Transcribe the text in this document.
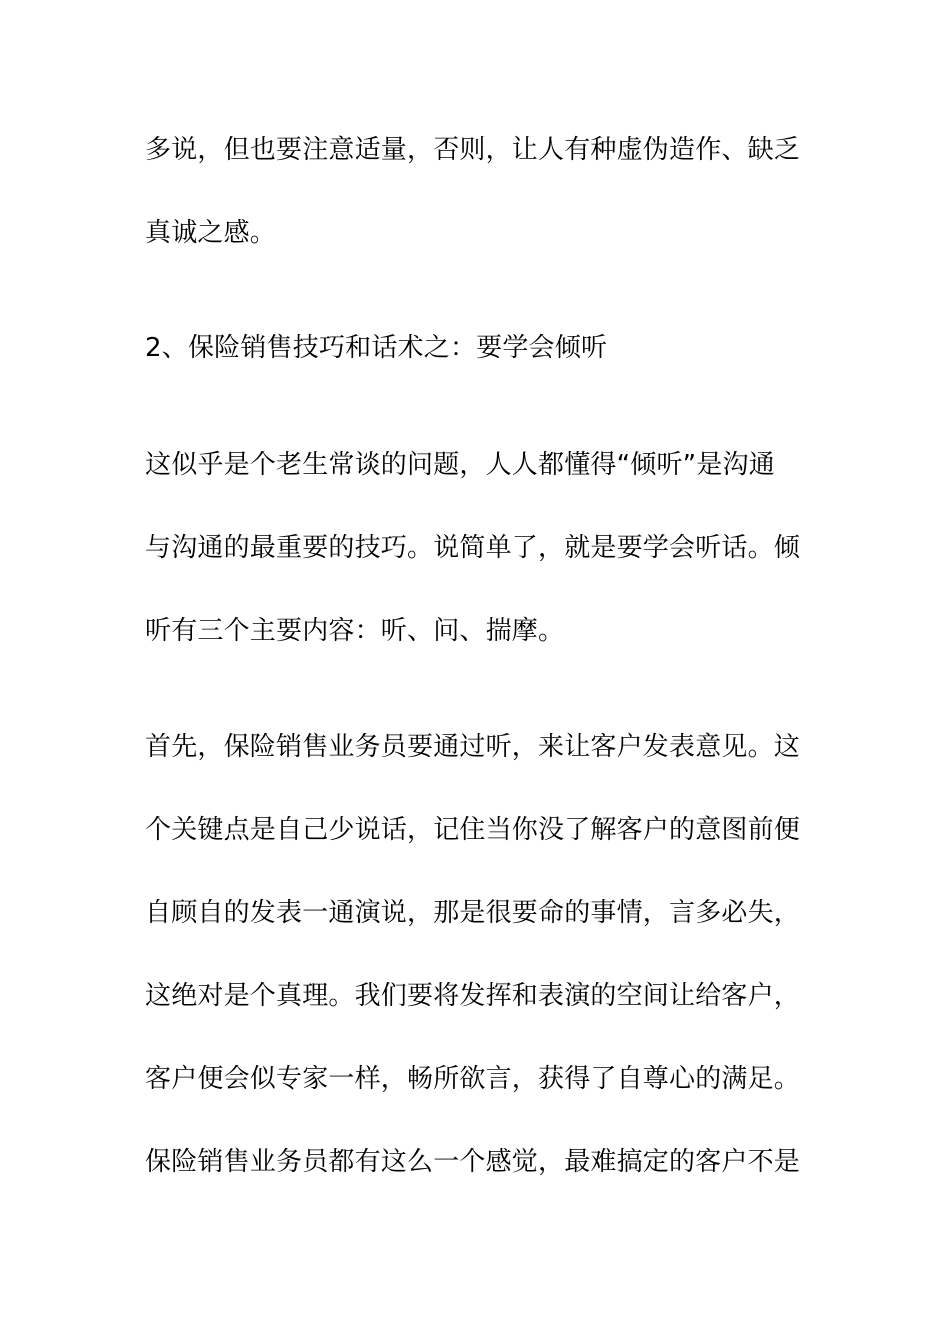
多说，但也要注意适量，否则，让人有种虚伪造作、缺乏
真诚之感。
2、保险销售技巧和话术之：要学会倾听
这似乎是个老生常谈的问题，人人都懂得“倾听”是沟通
与沟通的最重要的技巧。说简单了，就是要学会听话。倾
听有三个主要内容：听、问、揣摩。
首先，保险销售业务员要通过听，来让客户发表意见。这
个关键点是自己少说话，记住当你没了解客户的意图前便
自顾自的发表一通演说，那是很要命的事情，言多必失，
这绝对是个真理。我们要将发挥和表演的空间让给客户，
客户便会似专家一样，畅所欲言，获得了自尊心的满足。
保险销售业务员都有这么一个感觉，最难搞定的客户不是
